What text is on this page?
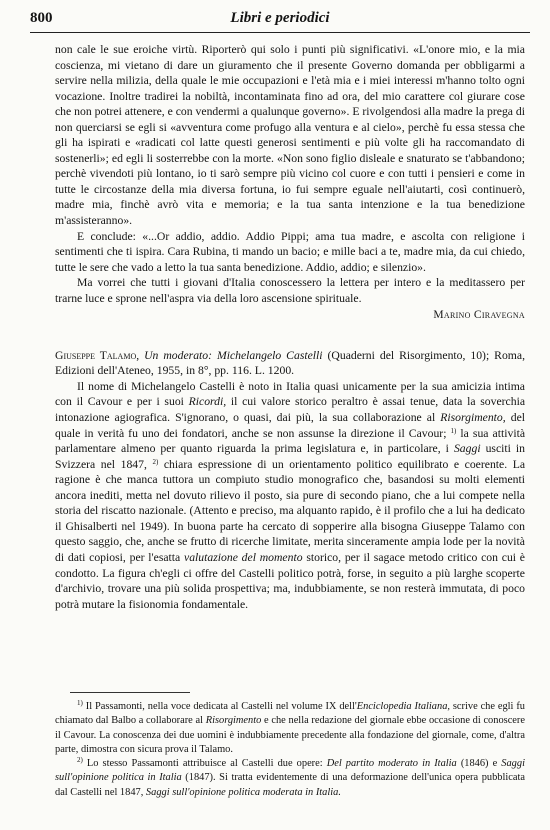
800	Libri e periodici

non cale le sue eroiche virtù. Riporterò qui solo i punti più significativi. «L'onore mio, e la mia coscienza, mi vietano di dare un giuramento che il presente Governo domanda per obbligarmi a servire nella milizia, della quale le mie occupazioni e l'età mia e i miei interessi m'hanno tolto ogni vocazione. Inoltre tradirei la nobiltà, incontaminata fino ad ora, del mio carattere col giurare cose che non potrei attenere, e con vendermi a qualunque governo». E rivolgendosi alla madre la prega di non querciarsi se egli si «avventura come profugo alla ventura e al cielo», perchè fu essa stessa che gli ha ispirati e «radicati col latte questi generosi sentimenti e più volte gli ha raccomandato di sostenerli»; ed egli li sosterrebbe con la morte. «Non sono figlio disleale e snaturato se t'abbandono; perchè vivendoti più lontano, io ti sarò sempre più vicino col cuore e con tutti i pensieri e come in tutte le circostanze della mia diversa fortuna, io fui sempre eguale nell'aiutarti, così continuerò, madre mia, finchè avrò vita e memoria; e la tua santa intenzione e la tua benedizione m'assisteranno».

E conclude: «...Or addio, addio. Addio Pippi; ama tua madre, e ascolta con religione i sentimenti che ti ispira. Cara Rubina, ti mando un bacio; e mille baci a te, madre mia, da cui chiedo, tutte le sere che vado a letto la tua santa benedizione. Addio, addio; e silenzio».

Ma vorrei che tutti i giovani d'Italia conoscessero la lettera per intero e la meditassero per trarne luce e sprone nell'aspra via della loro ascensione spirituale.

Marino Ciravegna

Giuseppe Talamo, Un moderato: Michelangelo Castelli (Quaderni del Risorgimento, 10); Roma, Edizioni dell'Ateneo, 1955, in 8°, pp. 116. L. 1200.

Il nome di Michelangelo Castelli è noto in Italia quasi unicamente per la sua amicizia intima con il Cavour e per i suoi Ricordi, il cui valore storico peraltro è assai tenue, data la soverchia intonazione agiografica. S'ignorano, o quasi, dai più, la sua collaborazione al Risorgimento, del quale in verità fu uno dei fondatori, anche se non assunse la direzione il Cavour; $^{1)}$ la sua attività parlamentare almeno per quanto riguarda la prima legislatura e, in particolare, i Saggi usciti in Svizzera nel 1847, $^{2)}$ chiara espressione di un orientamento politico equilibrato e coerente. La ragione è che manca tuttora un compiuto studio monografico che, basandosi su molti elementi ancora inediti, metta nel dovuto rilievo il posto, sia pure di secondo piano, che a lui compete nella storia del riscatto nazionale. (Attento e preciso, ma alquanto rapido, è il profilo che a lui ha dedicato il Ghisalberti nel 1949). In buona parte ha cercato di sopperire alla bisogna Giuseppe Talamo con questo saggio, che, anche se frutto di ricerche limitate, merita sinceramente ampia lode per la novità di dati copiosi, per l'esatta valutazione del momento storico, per il sagace metodo critico con cui è condotto. La figura ch'egli ci offre del Castelli politico potrà, forse, in seguito a più larghe scoperte d'archivio, trovare una più solida prospettiva; ma, indubbiamente, se non resterà immutata, di poco potrà mutare la fisionomia fondamentale.

$^{1)}$ Il Passamonti, nella voce dedicata al Castelli nel volume IX dell'Enciclopedia Italiana, scrive che egli fu chiamato dal Balbo a collaborare al Risorgimento e che nella redazione del giornale ebbe occasione di conoscere il Cavour. La conoscenza dei due uomini è indubbiamente precedente alla fondazione del giornale, come, d'altra parte, dimostra con sicura prova il Talamo.

$^{2)}$ Lo stesso Passamonti attribuisce al Castelli due opere: Del partito moderato in Italia (1846) e Saggi sull'opinione politica in Italia (1847). Si tratta evidentemente di una deformazione dell'unica opera pubblicata dal Castelli nel 1847, Saggi sull'opinione politica moderata in Italia.
